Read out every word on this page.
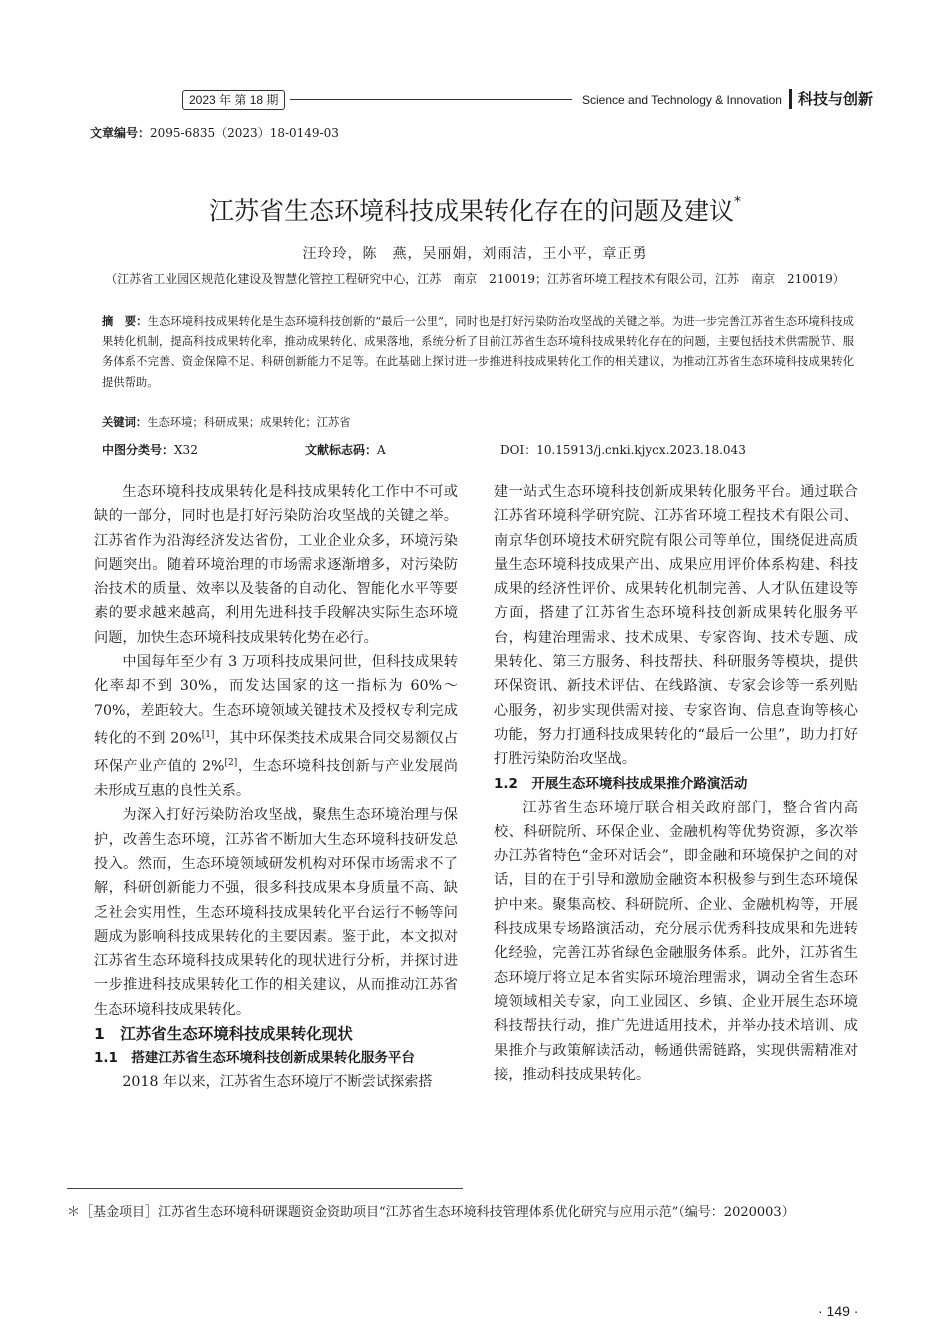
2023 年 第 18 期	Science and Technology & Innovation 科技与创新
文章编号：2095-6835（2023）18-0149-03
江苏省生态环境科技成果转化存在的问题及建议*
汪玲玲，陈　燕，吴丽娟，刘雨洁，王小平，章正勇
（江苏省工业园区规范化建设及智慧化管控工程研究中心，江苏　南京　210019；江苏省环境工程技术有限公司，江苏　南京　210019）
摘　要：生态环境科技成果转化是生态环境科技创新的“最后一公里”，同时也是打好污染防治攻坚战的关键之举。为进一步完善江苏省生态环境科技成果转化机制，提高科技成果转化率，推动成果转化、成果落地，系统分析了目前江苏省生态环境科技成果转化存在的问题，主要包括技术供需脱节、服务体系不完善、资金保障不足、科研创新能力不足等。在此基础上探讨进一步推进科技成果转化工作的相关建议，为推动江苏省生态环境科技成果转化提供帮助。
关键词：生态环境；科研成果；成果转化；江苏省
中图分类号：X32	文献标志码：A	DOI：10.15913/j.cnki.kjycx.2023.18.043

生态环境科技成果转化是科技成果转化工作中不可或缺的一部分，同时也是打好污染防治攻坚战的关键之举。江苏省作为沿海经济发达省份，工业企业众多，环境污染问题突出。随着环境治理的市场需求逐渐增多，对污染防治技术的质量、效率以及装备的自动化、智能化水平等要素的要求越来越高，利用先进科技手段解决实际生态环境问题，加快生态环境科技成果转化势在必行。

中国每年至少有 3 万项科技成果问世，但科技成果转化率却不到 30%，而发达国家的这一指标为 60%～70%，差距较大。生态环境领域关键技术及授权专利完成转化的不到 20%[1]，其中环保类技术成果合同交易额仅占环保产业产值的 2%[2]，生态环境科技创新与产业发展尚未形成互惠的良性关系。

为深入打好污染防治攻坚战，聚焦生态环境治理与保护，改善生态环境，江苏省不断加大生态环境科技研发总投入。然而，生态环境领域研发机构对环保市场需求不了解，科研创新能力不强，很多科技成果本身质量不高、缺乏社会实用性，生态环境科技成果转化平台运行不畅等问题成为影响科技成果转化的主要因素。鉴于此，本文拟对江苏省生态环境科技成果转化的现状进行分析，并探讨进一步推进科技成果转化工作的相关建议，从而推动江苏省生态环境科技成果转化。

1　江苏省生态环境科技成果转化现状
1.1　搭建江苏省生态环境科技创新成果转化服务平台

2018 年以来，江苏省生态环境厅不断尝试探索搭

建一站式生态环境科技创新成果转化服务平台。通过联合江苏省环境科学研究院、江苏省环境工程技术有限公司、南京华创环境技术研究院有限公司等单位，围绕促进高质量生态环境科技成果产出、成果应用评价体系构建、科技成果的经济性评价、成果转化机制完善、人才队伍建设等方面，搭建了江苏省生态环境科技创新成果转化服务平台，构建治理需求、技术成果、专家咨询、技术专题、成果转化、第三方服务、科技帮扶、科研服务等模块，提供环保资讯、新技术评估、在线路演、专家会诊等一系列贴心服务，初步实现供需对接、专家咨询、信息查询等核心功能，努力打通科技成果转化的“最后一公里”，助力打好打胜污染防治攻坚战。

1.2　开展生态环境科技成果推介路演活动

江苏省生态环境厅联合相关政府部门，整合省内高校、科研院所、环保企业、金融机构等优势资源，多次举办江苏省特色“金环对话会”，即金融和环境保护之间的对话，目的在于引导和激励金融资本积极参与到生态环境保护中来。聚集高校、科研院所、企业、金融机构等，开展科技成果专场路演活动，充分展示优秀科技成果和先进转化经验，完善江苏省绿色金融服务体系。此外，江苏省生态环境厅将立足本省实际环境治理需求，调动全省生态环境领域相关专家，向工业园区、乡镇、企业开展生态环境科技帮扶行动，推广先进适用技术，并举办技术培训、成果推介与政策解读活动，畅通供需链路，实现供需精准对接，推动科技成果转化。

＊［基金项目］江苏省生态环境科研课题资金资助项目“江苏省生态环境科技管理体系优化研究与应用示范”（编号：2020003）
· 149 ·
